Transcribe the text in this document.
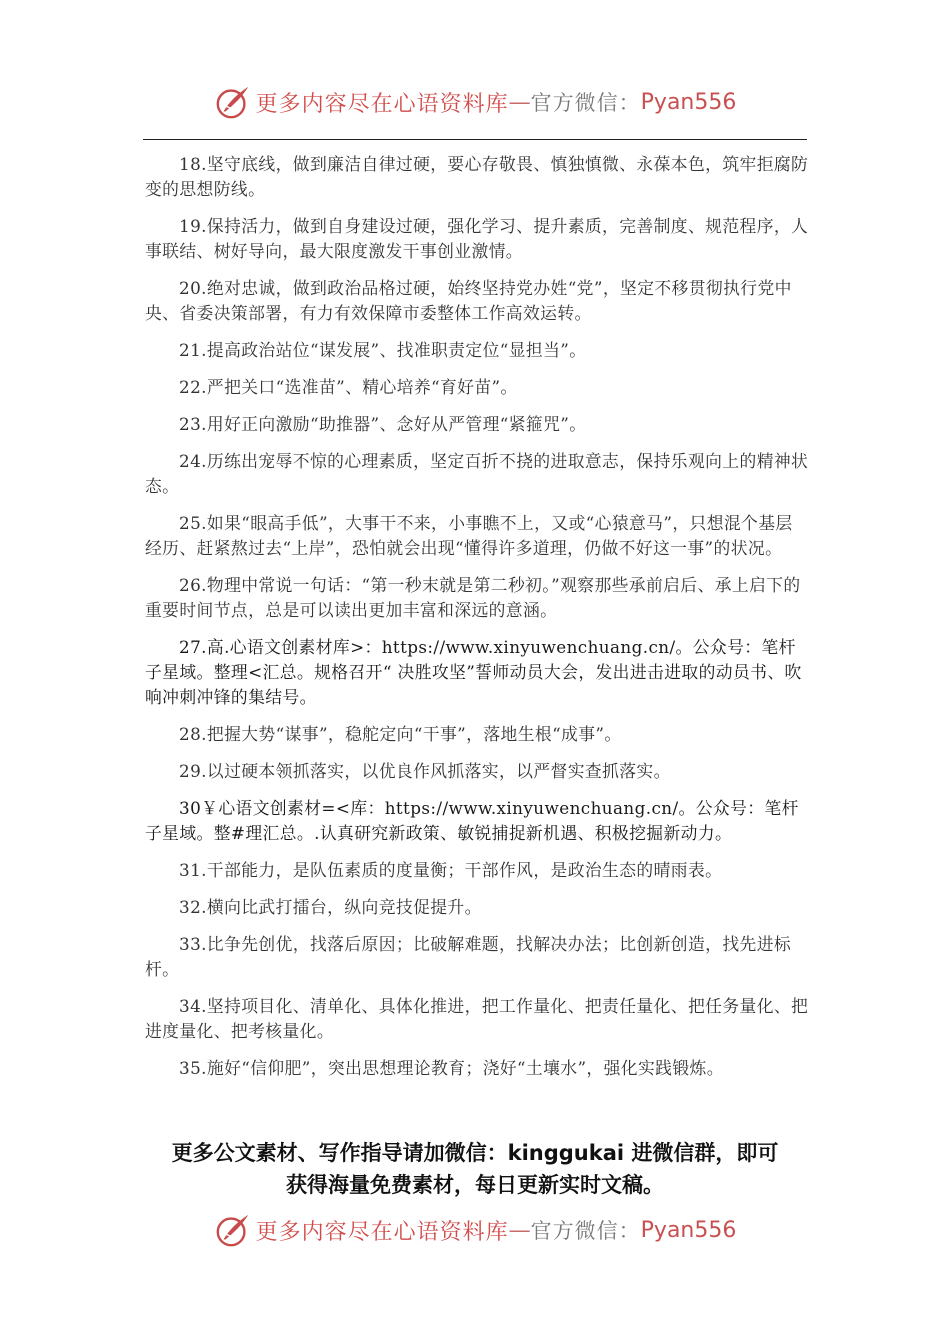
更多内容尽在心语资料库 — 官方微信： Pyan556

18.坚守底线，做到廉洁自律过硬，要心存敬畏、慎独慎微、永葆本色，筑牢拒腐防变的思想防线。

19.保持活力，做到自身建设过硬，强化学习、提升素质，完善制度、规范程序，人事联结、树好导向，最大限度激发干事创业激情。

20.绝对忠诚，做到政治品格过硬，始终坚持党办姓“党”，坚定不移贯彻执行党中央、省委决策部署，有力有效保障市委整体工作高效运转。

21.提高政治站位“谋发展”、找准职责定位“显担当”。

22.严把关口“选准苗”、精心培养“育好苗”。

23.用好正向激励“助推器”、念好从严管理“紧箍咒”。

24.历练出宠辱不惊的心理素质，坚定百折不挠的进取意志，保持乐观向上的精神状态。

25.如果“眼高手低”，大事干不来，小事瞧不上，又或“心猿意马”，只想混个基层经历、赶紧熬过去“上岸”，恐怕就会出现“懂得许多道理，仍做不好这一事”的状况。

26.物理中常说一句话：“第一秒末就是第二秒初。”观察那些承前启后、承上启下的重要时间节点，总是可以读出更加丰富和深远的意涵。

27.高.心语文创素材库>：https://www.xinyuwenchuang.cn/。公众号：笔杆子星域。整理<汇总。规格召开“ 决胜攻坚”誓师动员大会，发出进击进取的动员书、吹响冲刺冲锋的集结号。

28.把握大势“谋事”，稳舵定向“干事”，落地生根“成事”。

29.以过硬本领抓落实，以优良作风抓落实，以严督实查抓落实。

30￥心语文创素材=<库：https://www.xinyuwenchuang.cn/。公众号：笔杆子星域。整#理汇总。.认真研究新政策、敏锐捕捉新机遇、积极挖掘新动力。

31.干部能力，是队伍素质的度量衡；干部作风，是政治生态的晴雨表。

32.横向比武打擂台，纵向竞技促提升。

33.比争先创优，找落后原因；比破解难题，找解决办法；比创新创造，找先进标杆。

34.坚持项目化、清单化、具体化推进，把工作量化、把责任量化、把任务量化、把进度量化、把考核量化。

35.施好“信仰肥”，突出思想理论教育；浇好“土壤水”，强化实践锻炼。

更多公文素材、写作指导请加微信：kinggukai 进微信群，即可
获得海量免费素材，每日更新实时文稿。
更多内容尽在心语资料库 — 官方微信： Pyan556
